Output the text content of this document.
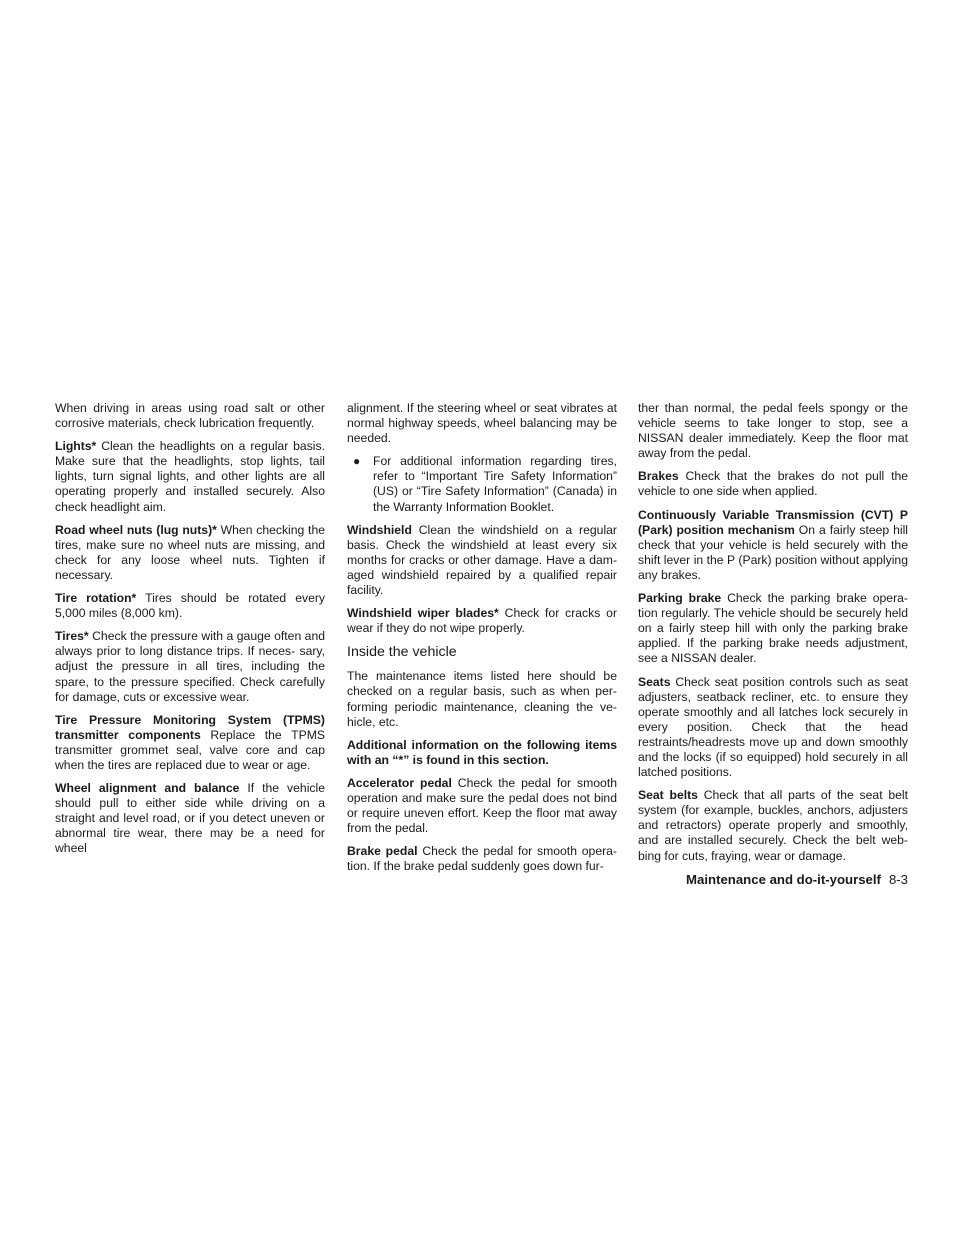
When driving in areas using road salt or other corrosive materials, check lubrication frequently.

Lights* Clean the headlights on a regular basis. Make sure that the headlights, stop lights, tail lights, turn signal lights, and other lights are all operating properly and installed securely. Also check headlight aim.

Road wheel nuts (lug nuts)* When checking the tires, make sure no wheel nuts are missing, and check for any loose wheel nuts. Tighten if necessary.

Tire rotation* Tires should be rotated every 5,000 miles (8,000 km).

Tires* Check the pressure with a gauge often and always prior to long distance trips. If neces- sary, adjust the pressure in all tires, including the spare, to the pressure specified. Check carefully for damage, cuts or excessive wear.

Tire Pressure Monitoring System (TPMS) transmitter components Replace the TPMS transmitter grommet seal, valve core and cap when the tires are replaced due to wear or age.

Wheel alignment and balance If the vehicle should pull to either side while driving on a straight and level road, or if you detect uneven or abnormal tire wear, there may be a need for wheel

alignment. If the steering wheel or seat vibrates at normal highway speeds, wheel balancing may be needed.

● For additional information regarding tires, refer to “Important Tire Safety Information” (US) or “Tire Safety Information” (Canada) in the Warranty Information Booklet.

Windshield Clean the windshield on a regular basis. Check the windshield at least every six months for cracks or other damage. Have a dam- aged windshield repaired by a qualified repair facility.

Windshield wiper blades* Check for cracks or wear if they do not wipe properly.

Inside the vehicle

The maintenance items listed here should be checked on a regular basis, such as when per- forming periodic maintenance, cleaning the ve- hicle, etc.

Additional information on the following items with an “*” is found in this section.

Accelerator pedal Check the pedal for smooth operation and make sure the pedal does not bind or require uneven effort. Keep the floor mat away from the pedal.

Brake pedal Check the pedal for smooth opera- tion. If the brake pedal suddenly goes down fur-

ther than normal, the pedal feels spongy or the vehicle seems to take longer to stop, see a NISSAN dealer immediately. Keep the floor mat away from the pedal.

Brakes Check that the brakes do not pull the vehicle to one side when applied.

Continuously Variable Transmission (CVT) P (Park) position mechanism On a fairly steep hill check that your vehicle is held securely with the shift lever in the P (Park) position without applying any brakes.

Parking brake Check the parking brake opera- tion regularly. The vehicle should be securely held on a fairly steep hill with only the parking brake applied. If the parking brake needs adjustment, see a NISSAN dealer.

Seats Check seat position controls such as seat adjusters, seatback recliner, etc. to ensure they operate smoothly and all latches lock securely in every position. Check that the head restraints/headrests move up and down smoothly and the locks (if so equipped) hold securely in all latched positions.

Seat belts Check that all parts of the seat belt system (for example, buckles, anchors, adjusters and retractors) operate properly and smoothly, and are installed securely. Check the belt web- bing for cuts, fraying, wear or damage.

Maintenance and do-it-yourself 8-3
